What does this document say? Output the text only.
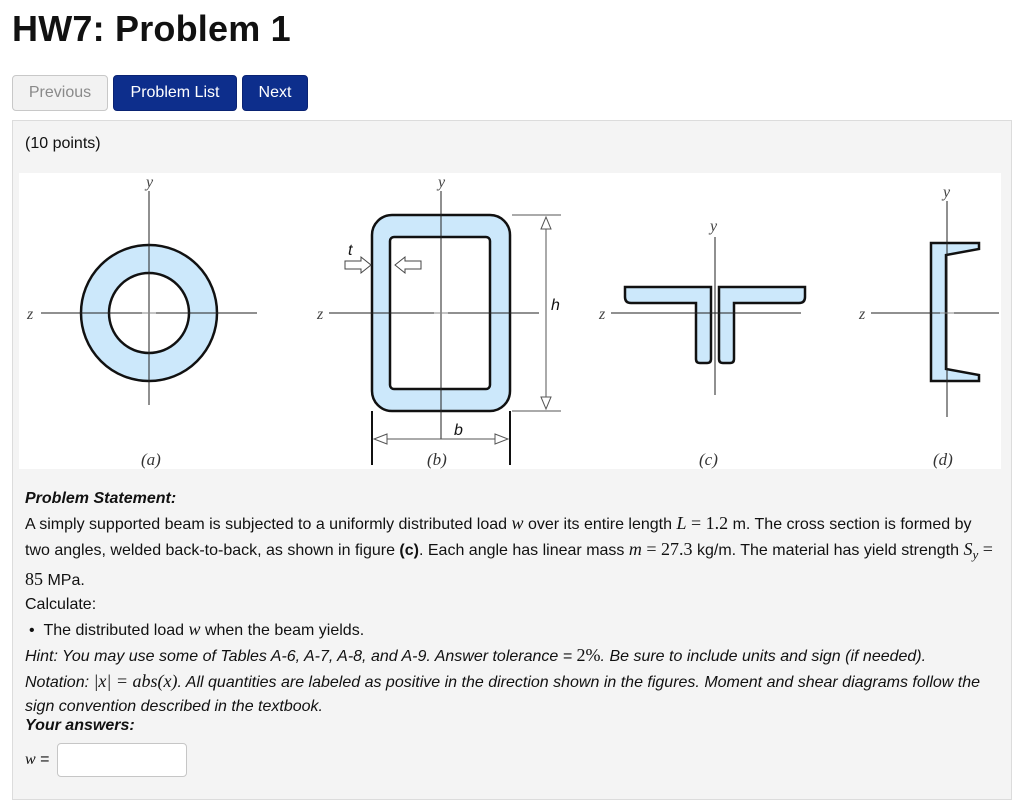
HW7: Problem 1
Previous	Problem List	Next
(10 points)
y
z
(a)
y
z
t
h
b
(b)
y
z
(c)
y
z
(d)
Problem Statement:
A simply supported beam is subjected to a uniformly distributed load w over its entire length L = 1.2 m. The cross section is formed by two angles, welded back-to-back, as shown in figure (c). Each angle has linear mass m = 27.3 kg/m. The material has yield strength $S_y = 85$ MPa.
Calculate:
•  The distributed load w when the beam yields.
Hint: You may use some of Tables A-6, A-7, A-8, and A-9. Answer tolerance = 2%. Be sure to include units and sign (if needed).
Notation: |x| = abs(x). All quantities are labeled as positive in the direction shown in the figures. Moment and shear diagrams follow the sign convention described in the textbook.
Your answers:
w =
